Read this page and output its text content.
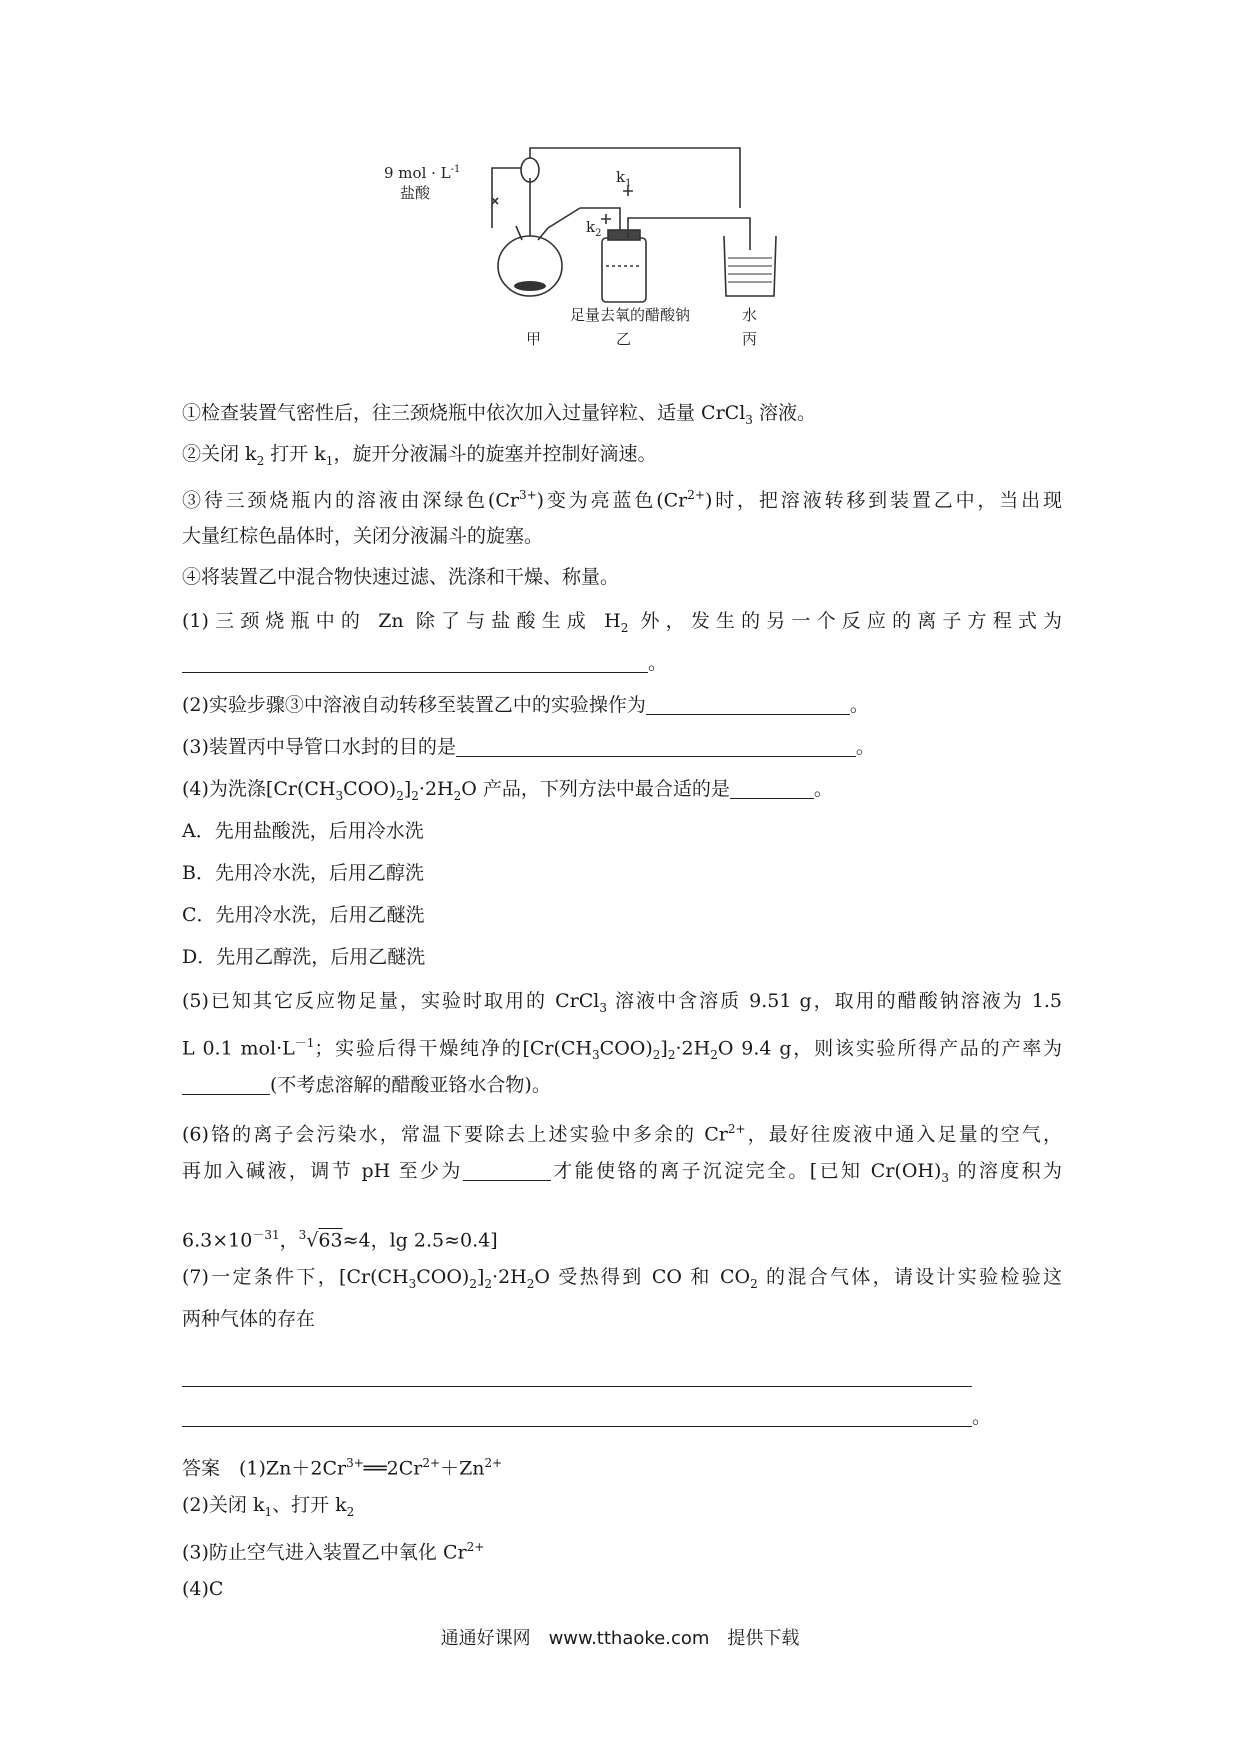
9 mol · $L^{-1}$
盐酸
$k_1$
$k_2$
足量去氧的醋酸钠	水
甲	乙	丙
①检查装置气密性后，往三颈烧瓶中依次加入过量锌粒、适量 CrCl$_3$ 溶液。
②关闭 $k_2$ 打开 $k_1$，旋开分液漏斗的旋塞并控制好滴速。
③待三颈烧瓶内的溶液由深绿色$(Cr^{3+})$变为亮蓝色$(Cr^{2+})$时，把溶液转移到装置乙中，当出现
大量红棕色晶体时，关闭分液漏斗的旋塞。
④将装置乙中混合物快速过滤、洗涤和干燥、称量。
(1)三颈烧瓶中的 Zn 除了与盐酸生成 $H_2$ 外，发生的另一个反应的离子方程式为
。
(2)实验步骤③中溶液自动转移至装置乙中的实验操作为	。
(3)装置丙中导管口水封的目的是	。
(4)为洗涤$[Cr(CH_3COO)_2]_2\cdot 2H_2O$ 产品，下列方法中最合适的是	。
A．先用盐酸洗，后用冷水洗
B．先用冷水洗，后用乙醇洗
C．先用冷水洗，后用乙醚洗
D．先用乙醇洗，后用乙醚洗
(5)已知其它反应物足量，实验时取用的 CrCl$_3$ 溶液中含溶质 9.51 g，取用的醋酸钠溶液为 1.5
L 0.1 $mol\cdot L^{-1}$；实验后得干燥纯净的$[Cr(CH_3COO)_2]_2\cdot 2H_2O$ 9.4 g，则该实验所得产品的产率为
(不考虑溶解的醋酸亚铬水合物)。
(6)铬的离子会污染水，常温下要除去上述实验中多余的 $Cr^{2+}$，最好往废液中通入足量的空气，
再加入碱液，调节 pH 至少为	才能使铬的离子沉淀完全。[已知 $Cr(OH)_3$ 的溶度积为
$6.3\times 10^{-31}$，$^3$√63≈4，lg 2.5≈0.4]
(7)一定条件下，$[Cr(CH_3COO)_2]_2\cdot 2H_2O$ 受热得到 CO 和 $CO_2$ 的混合气体，请设计实验检验这
两种气体的存在
。
答案　$(1)Zn+2Cr^{3+}══2Cr^{2+}+Zn^{2+}$
(2)关闭 $k_1$、打开 $k_2$
(3)防止空气进入装置乙中氧化 $Cr^{2+}$
(4)C
通通好课网　www.tthaoke.com　提供下载
